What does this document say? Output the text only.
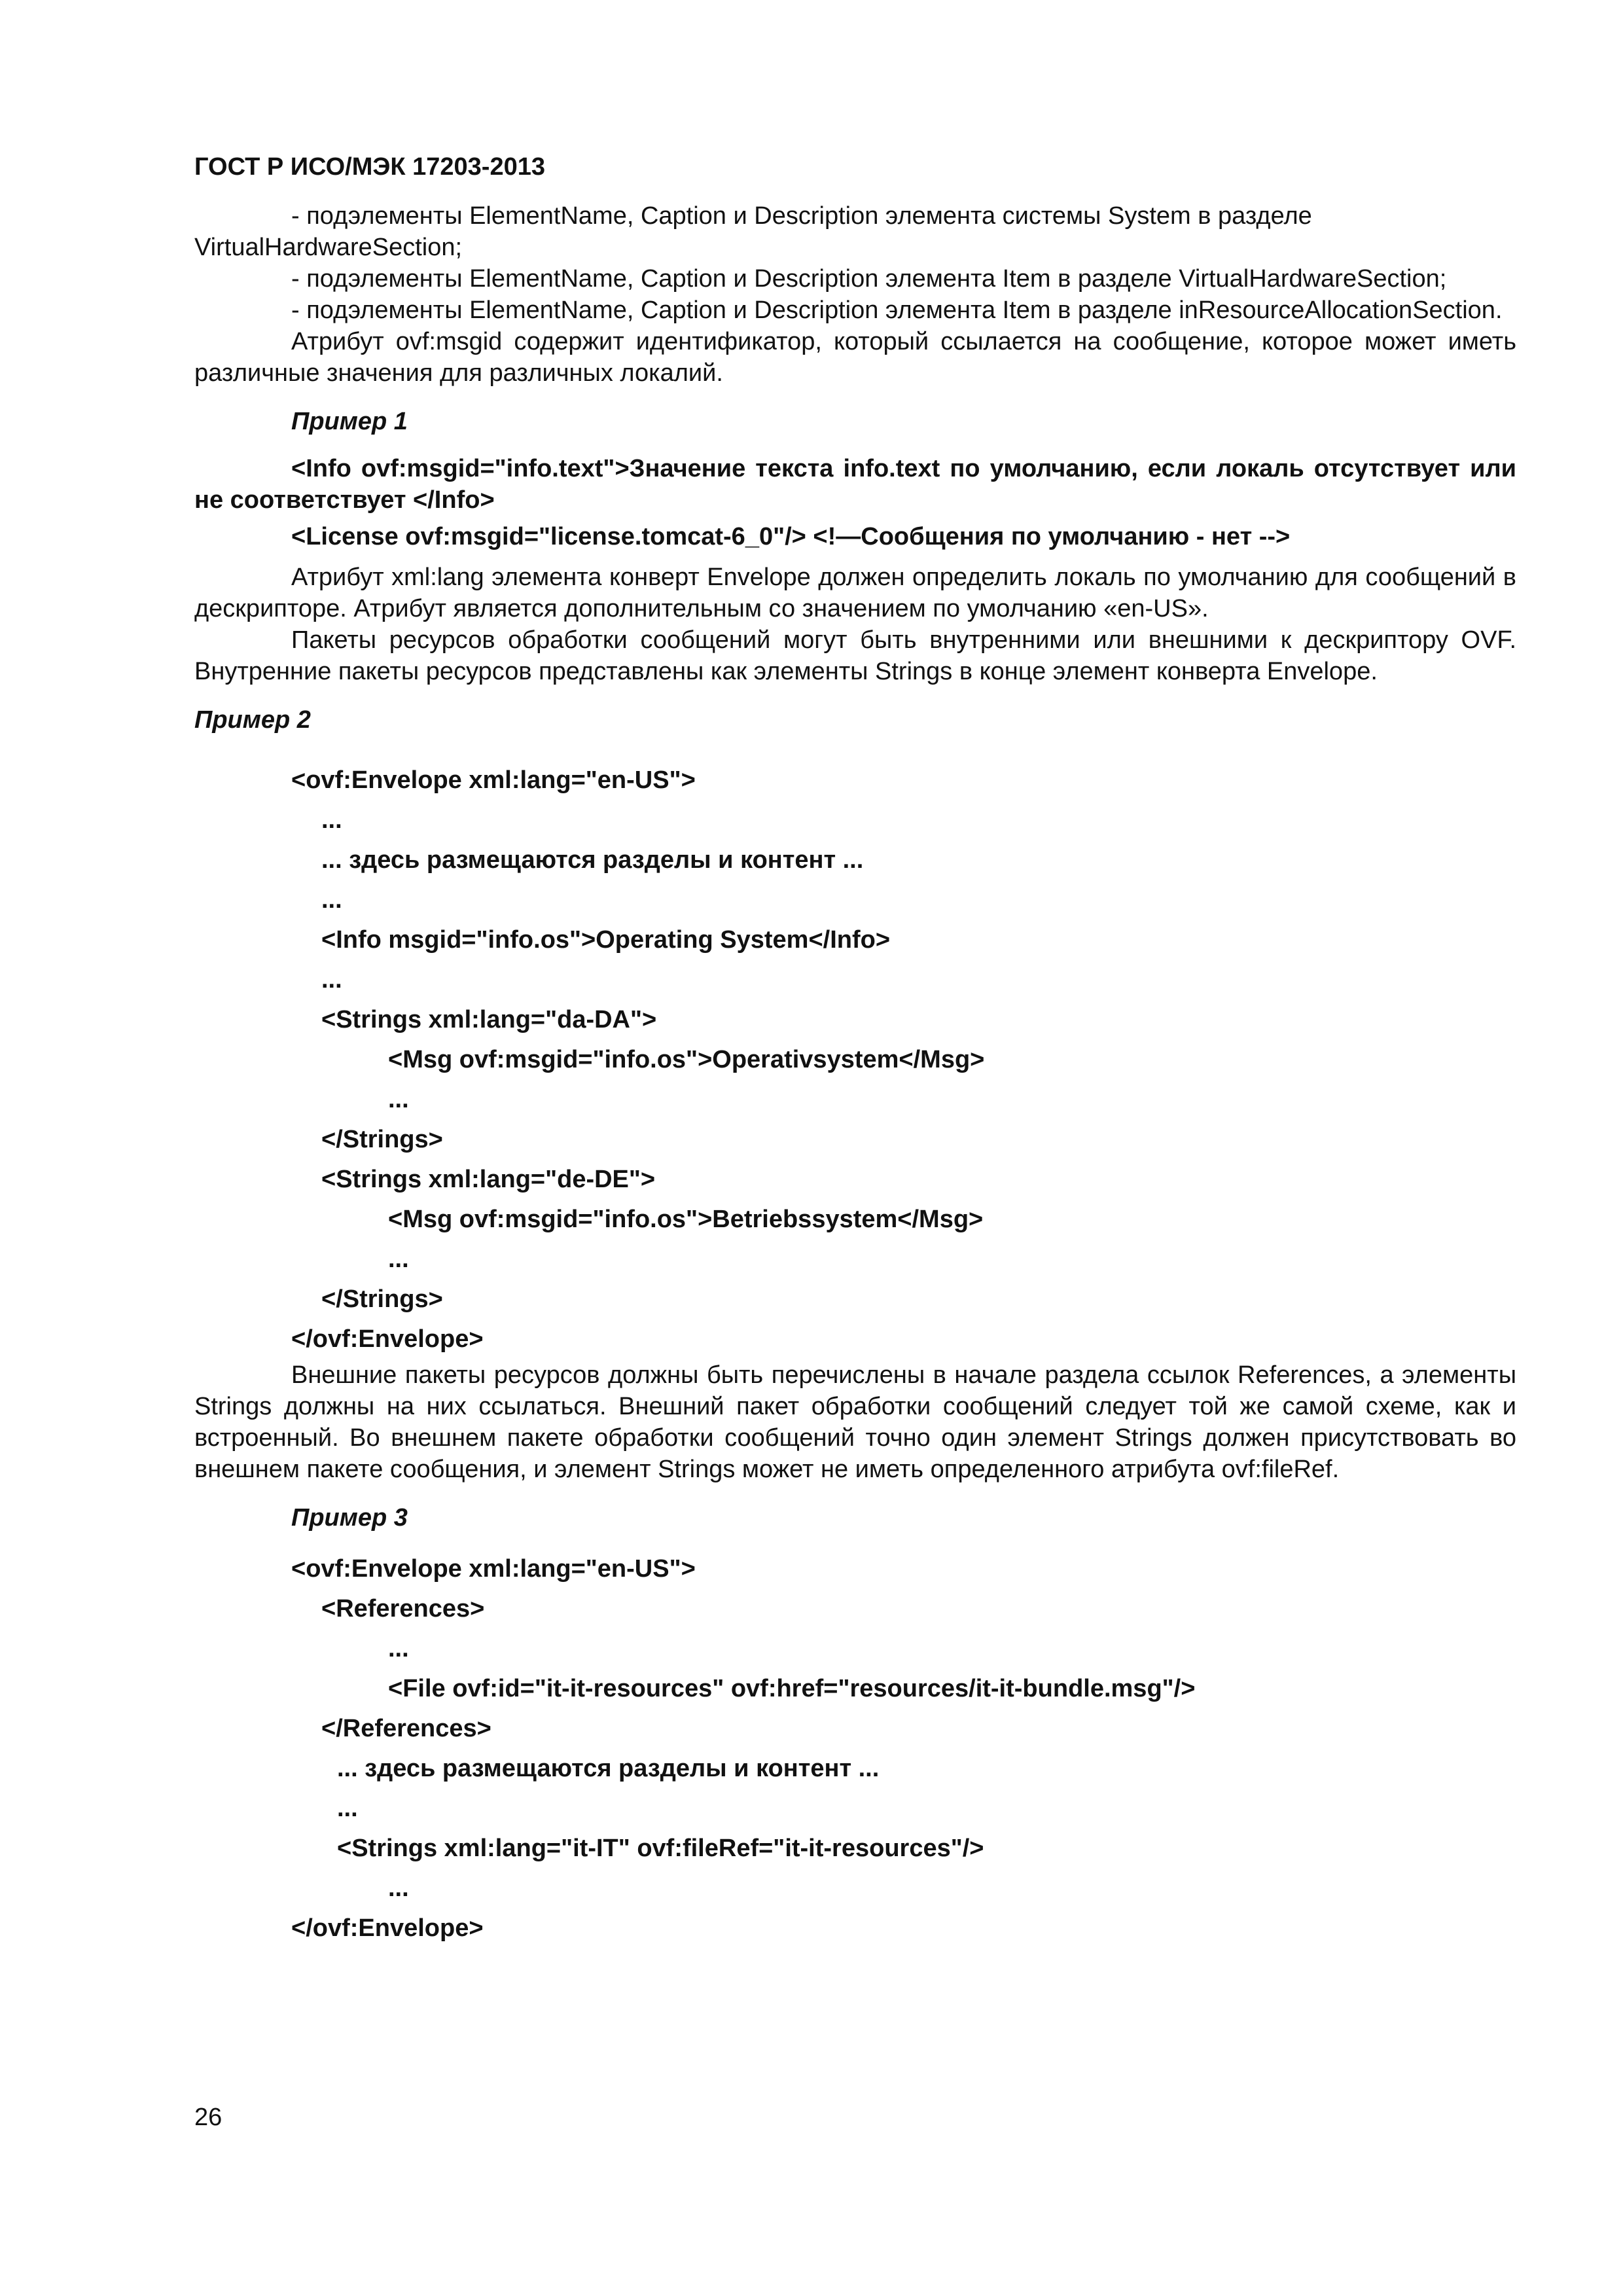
ГОСТ Р ИСО/МЭК 17203-2013

- подэлементы ElementName, Caption и Description элемента системы System в разделе VirtualHardwareSection;

- подэлементы ElementName, Caption и Description элемента Item в разделе VirtualHardwareSection;

- подэлементы ElementName, Caption и Description элемента Item в разделе inResourceAllocationSection.

Атрибут ovf:msgid содержит идентификатор, который ссылается на сообщение, которое может иметь различные значения для различных локалий.

Пример 1

<Info ovf:msgid="info.text">Значение текста info.text по умолчанию, если локаль отсутствует или не соответствует </Info>

<License ovf:msgid="license.tomcat-6_0"/> <!—Сообщения по умолчанию - нет -->

Атрибут xml:lang элемента конверт Envelope должен определить локаль по умолчанию для сообщений в дескрипторе. Атрибут является дополнительным со значением по умолчанию «en-US».

Пакеты ресурсов обработки сообщений могут быть внутренними или внешними к дескриптору OVF. Внутренние пакеты ресурсов представлены как элементы Strings в конце элемент конверта Envelope.

Пример 2
<ovf:Envelope xml:lang="en-US">
...
... здесь размещаются разделы и контент ...
...
<Info msgid="info.os">Operating System</Info>
...
<Strings xml:lang="da-DA">
<Msg ovf:msgid="info.os">Operativsystem</Msg>
...
</Strings>
<Strings xml:lang="de-DE">
<Msg ovf:msgid="info.os">Betriebssystem</Msg>
...
</Strings>
</ovf:Envelope>

Внешние пакеты ресурсов должны быть перечислены в начале раздела ссылок References, а элементы Strings должны на них ссылаться. Внешний пакет обработки сообщений следует той же самой схеме, как и встроенный. Во внешнем пакете обработки сообщений точно один элемент Strings должен присутствовать во внешнем пакете сообщения, и элемент Strings может не иметь определенного атрибута ovf:fileRef.

Пример 3
<ovf:Envelope xml:lang="en-US">
<References>
...
<File ovf:id="it-it-resources" ovf:href="resources/it-it-bundle.msg"/>
</References>
... здесь размещаются разделы и контент ...
...
<Strings xml:lang="it-IT" ovf:fileRef="it-it-resources"/>
...
</ovf:Envelope>
26
